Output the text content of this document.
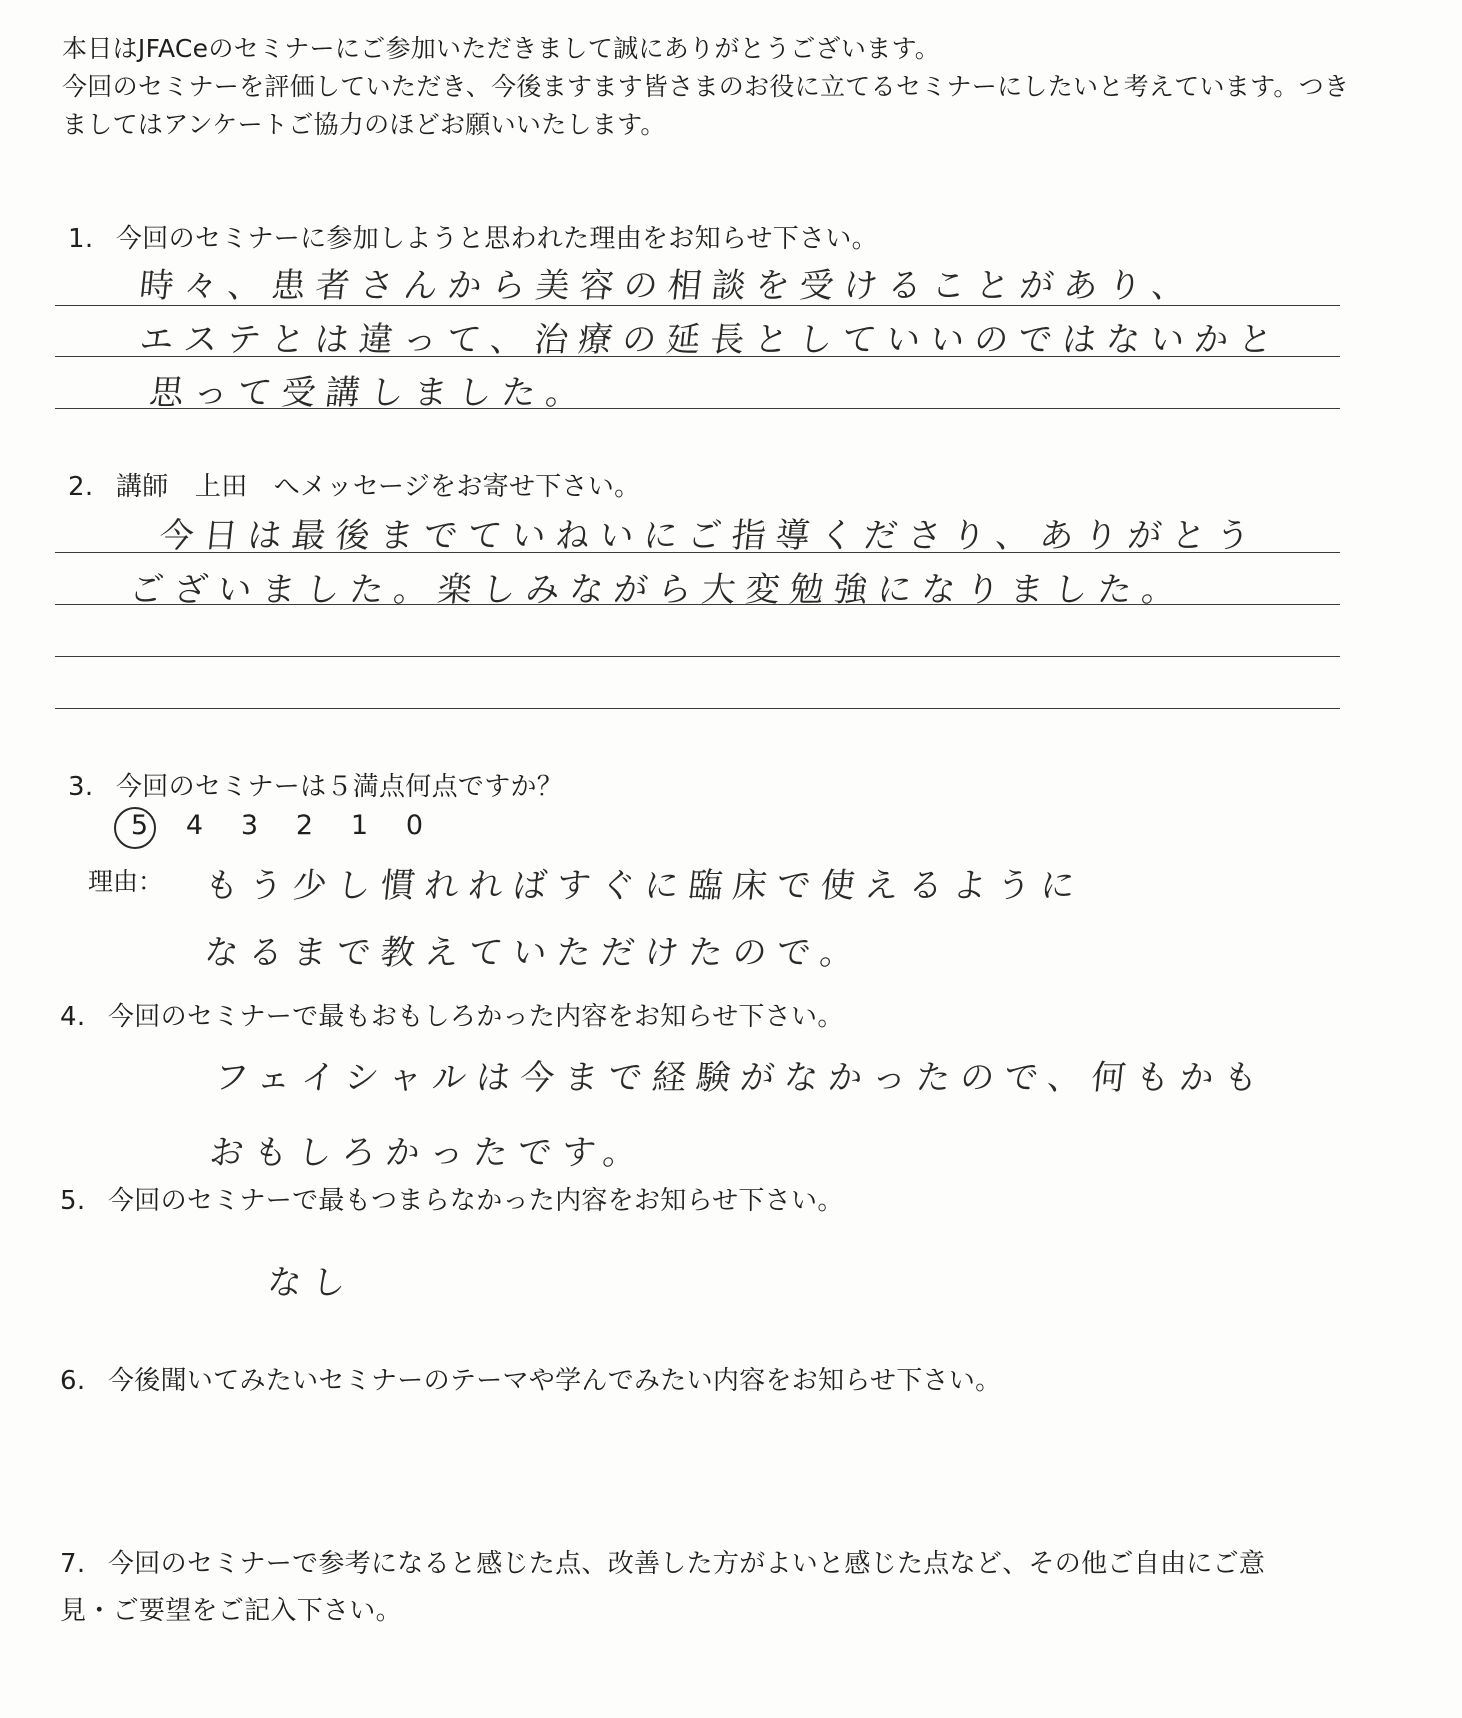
本日はJFACeのセミナーにご参加いただきまして誠にありがとうございます。

今回のセミナーを評価していただき、今後ますます皆さまのお役に立てるセミナーにしたいと考えています。つき

ましてはアンケートご協力のほどお願いいたします。

1. 今回のセミナーに参加しようと思われた理由をお知らせ下さい。
時々、患者さんから美容の相談を受けることがあり、
エステとは違って、治療の延長としていいのではないかと
思って受講しました。
2. 講師　上田　へメッセージをお寄せ下さい。
今日は最後までていねいにご指導くださり、ありがとう
ございました。楽しみながら大変勉強になりました。
3. 今回のセミナーは５満点何点ですか？
5 4 3 2 1 0
理由： もう少し慣れればすぐに臨床で使えるように
なるまで教えていただけたので。
4. 今回のセミナーで最もおもしろかった内容をお知らせ下さい。
フェイシャルは今まで経験がなかったので、何もかも
おもしろかったです。
5. 今回のセミナーで最もつまらなかった内容をお知らせ下さい。
なし
6. 今後聞いてみたいセミナーのテーマや学んでみたい内容をお知らせ下さい。
7. 今回のセミナーで参考になると感じた点、改善した方がよいと感じた点など、その他ご自由にご意
見・ご要望をご記入下さい。
